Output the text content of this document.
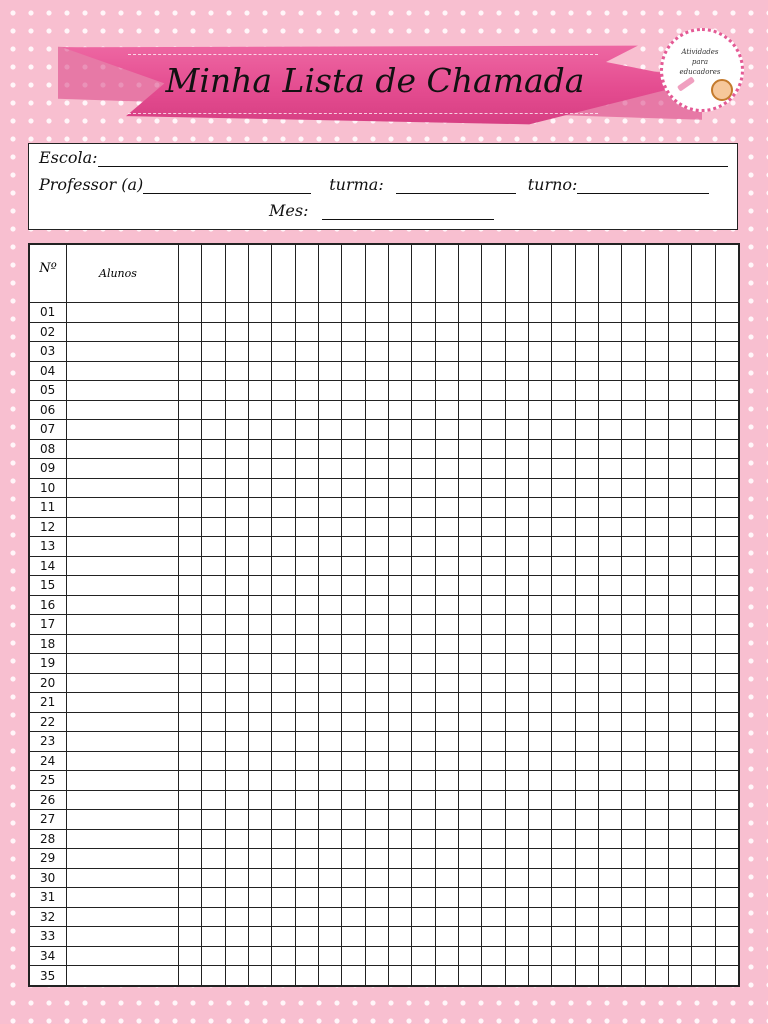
Minha Lista de Chamada
Atividades para educadores
Escola:
Professor (a)	turma:	turno:
Mes:
Nº	Alunos																								
01																									
02																									
03																									
04																									
05																									
06																									
07																									
08																									
09																									
10																									
11																									
12																									
13																									
14																									
15																									
16																									
17																									
18																									
19																									
20																									
21																									
22																									
23																									
24																									
25																									
26																									
27																									
28																									
29																									
30																									
31																									
32																									
33																									
34																									
35																									
